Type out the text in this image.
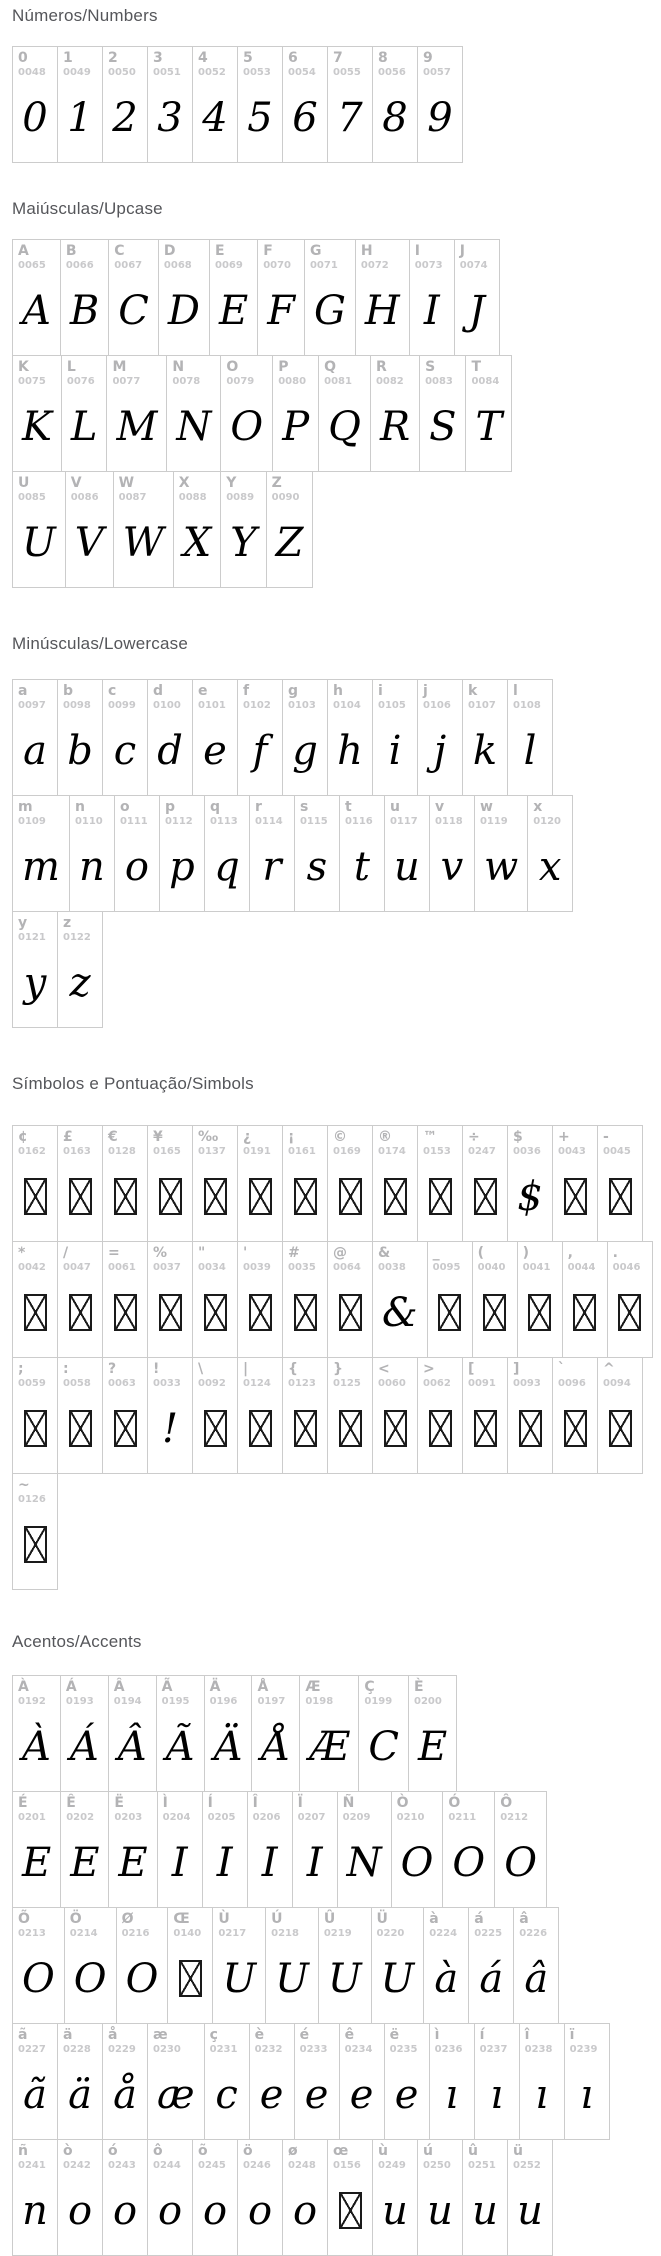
Números/Numbers
0
0048
0
1
0049
1
2
0050
2
3
0051
3
4
0052
4
5
0053
5
6
0054
6
7
0055
7
8
0056
8
9
0057
9
Maiúsculas/Upcase
A
0065
A
B
0066
B
C
0067
C
D
0068
D
E
0069
E
F
0070
F
G
0071
G
H
0072
H
I
0073
I
J
0074
J
K
0075
K
L
0076
L
M
0077
M
N
0078
N
O
0079
O
P
0080
P
Q
0081
Q
R
0082
R
S
0083
S
T
0084
T
U
0085
U
V
0086
V
W
0087
W
X
0088
X
Y
0089
Y
Z
0090
Z
Minúsculas/Lowercase
a
0097
a
b
0098
b
c
0099
c
d
0100
d
e
0101
e
f
0102
f
g
0103
g
h
0104
h
i
0105
i
j
0106
j
k
0107
k
l
0108
l
m
0109
m
n
0110
n
o
0111
o
p
0112
p
q
0113
q
r
0114
r
s
0115
s
t
0116
t
u
0117
u
v
0118
v
w
0119
w
x
0120
x
y
0121
y
z
0122
z
Símbolos e Pontuação/Simbols
¢
0162
£
0163
€
0128
¥
0165
‰
0137
¿
0191
¡
0161
©
0169
®
0174
™
0153
÷
0247
$
0036
$
+
0043
-
0045
*
0042
/
0047
=
0061
%
0037
"
0034
'
0039
#
0035
@
0064
&
0038
&
_
0095
(
0040
)
0041
,
0044
.
0046
;
0059
:
0058
?
0063
!
0033
!
\
0092
|
0124
{
0123
}
0125
<
0060
>
0062
[
0091
]
0093
`
0096
^
0094
~
0126
Acentos/Accents
À
0192
À
Á
0193
Á
Â
0194
Â
Ã
0195
Ã
Ä
0196
Ä
Å
0197
Å
Æ
0198
Æ
Ç
0199
C
È
0200
E
É
0201
E
Ê
0202
E
Ë
0203
E
Ì
0204
I
Í
0205
I
Î
0206
I
Ï
0207
I
Ñ
0209
N
Ò
0210
O
Ó
0211
O
Ô
0212
O
Õ
0213
O
Ö
0214
O
Ø
0216
O
Œ
0140
Ù
0217
U
Ú
0218
U
Û
0219
U
Ü
0220
U
à
0224
à
á
0225
á
â
0226
â
ã
0227
ã
ä
0228
ä
å
0229
å
æ
0230
æ
ç
0231
c
è
0232
e
é
0233
e
ê
0234
e
ë
0235
e
ì
0236
ı
í
0237
ı
î
0238
ı
ï
0239
ı
ñ
0241
n
ò
0242
o
ó
0243
o
ô
0244
o
õ
0245
o
ö
0246
o
ø
0248
o
œ
0156
ù
0249
u
ú
0250
u
û
0251
u
ü
0252
u
